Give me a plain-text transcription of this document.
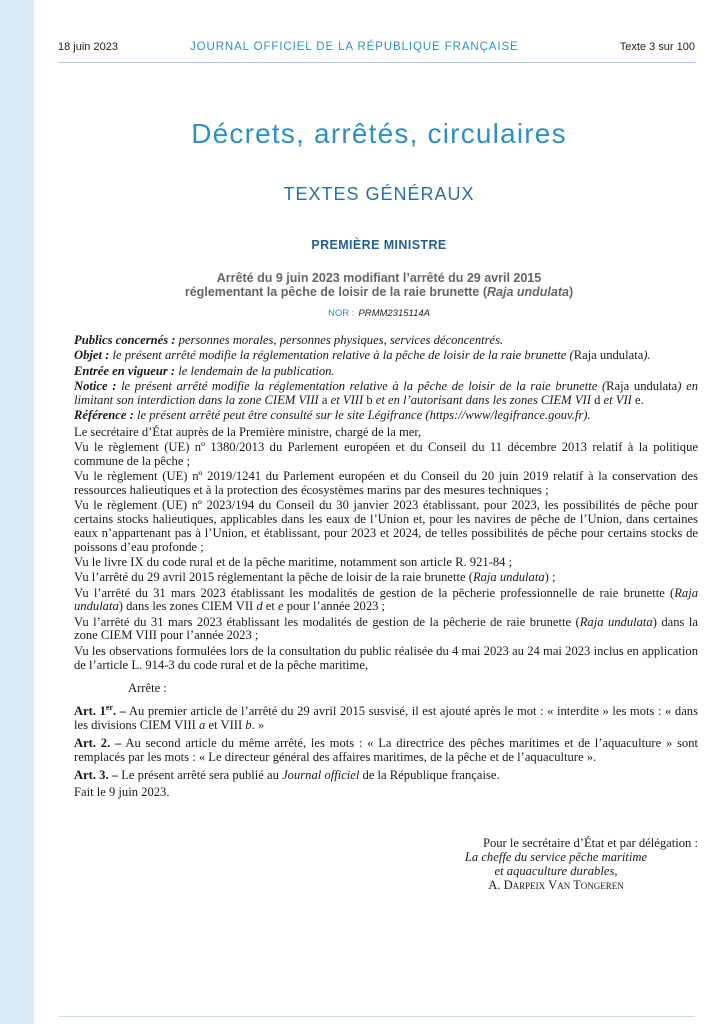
18 juin 2023	JOURNAL OFFICIEL DE LA RÉPUBLIQUE FRANÇAISE	Texte 3 sur 100
Décrets, arrêtés, circulaires
TEXTES GÉNÉRAUX
PREMIÈRE MINISTRE
Arrêté du 9 juin 2023 modifiant l’arrêté du 29 avril 2015
réglementant la pêche de loisir de la raie brunette (Raja undulata)
NOR : PRMM2315114A

Publics concernés : personnes morales, personnes physiques, services déconcentrés.

Objet : le présent arrêté modifie la réglementation relative à la pêche de loisir de la raie brunette (Raja undulata).

Entrée en vigueur : le lendemain de la publication.

Notice : le présent arrêté modifie la réglementation relative à la pêche de loisir de la raie brunette (Raja undulata) en limitant son interdiction dans la zone CIEM VIII a et VIII b et en l’autorisant dans les zones CIEM VII d et VII e.

Référence : le présent arrêté peut être consulté sur le site Légifrance (https://www/legifrance.gouv.fr).

Le secrétaire d’État auprès de la Première ministre, chargé de la mer,

Vu le règlement (UE) nº 1380/2013 du Parlement européen et du Conseil du 11 décembre 2013 relatif à la politique commune de la pêche ;

Vu le règlement (UE) nº 2019/1241 du Parlement européen et du Conseil du 20 juin 2019 relatif à la conservation des ressources halieutiques et à la protection des écosystèmes marins par des mesures techniques ;

Vu le règlement (UE) nº 2023/194 du Conseil du 30 janvier 2023 établissant, pour 2023, les possibilités de pêche pour certains stocks halieutiques, applicables dans les eaux de l’Union et, pour les navires de pêche de l’Union, dans certaines eaux n’appartenant pas à l’Union, et établissant, pour 2023 et 2024, de telles possibilités de pêche pour certains stocks de poissons d’eau profonde ;

Vu le livre IX du code rural et de la pêche maritime, notamment son article R. 921-84 ;

Vu l’arrêté du 29 avril 2015 réglementant la pêche de loisir de la raie brunette (Raja undulata) ;

Vu l’arrêté du 31 mars 2023 établissant les modalités de gestion de la pêcherie professionnelle de raie brunette (Raja undulata) dans les zones CIEM VII d et e pour l’année 2023 ;

Vu l’arrêté du 31 mars 2023 établissant les modalités de gestion de la pêcherie de raie brunette (Raja undulata) dans la zone CIEM VIII pour l’année 2023 ;

Vu les observations formulées lors de la consultation du public réalisée du 4 mai 2023 au 24 mai 2023 inclus en application de l’article L. 914-3 du code rural et de la pêche maritime,

Arrête :

Art. 1er. – Au premier article de l’arrêté du 29 avril 2015 susvisé, il est ajouté après le mot : « interdite » les mots : « dans les divisions CIEM VIII a et VIII b. »

Art. 2. – Au second article du même arrêté, les mots : « La directrice des pêches maritimes et de l’aquaculture » sont remplacés par les mots : « Le directeur général des affaires maritimes, de la pêche et de l’aquaculture ».

Art. 3. – Le présent arrêté sera publié au Journal officiel de la République française.

Fait le 9 juin 2023.

Pour le secrétaire d’État et par délégation :
La cheffe du service pêche maritime
et aquaculture durables,
A. Darpeix Van Tongeren
